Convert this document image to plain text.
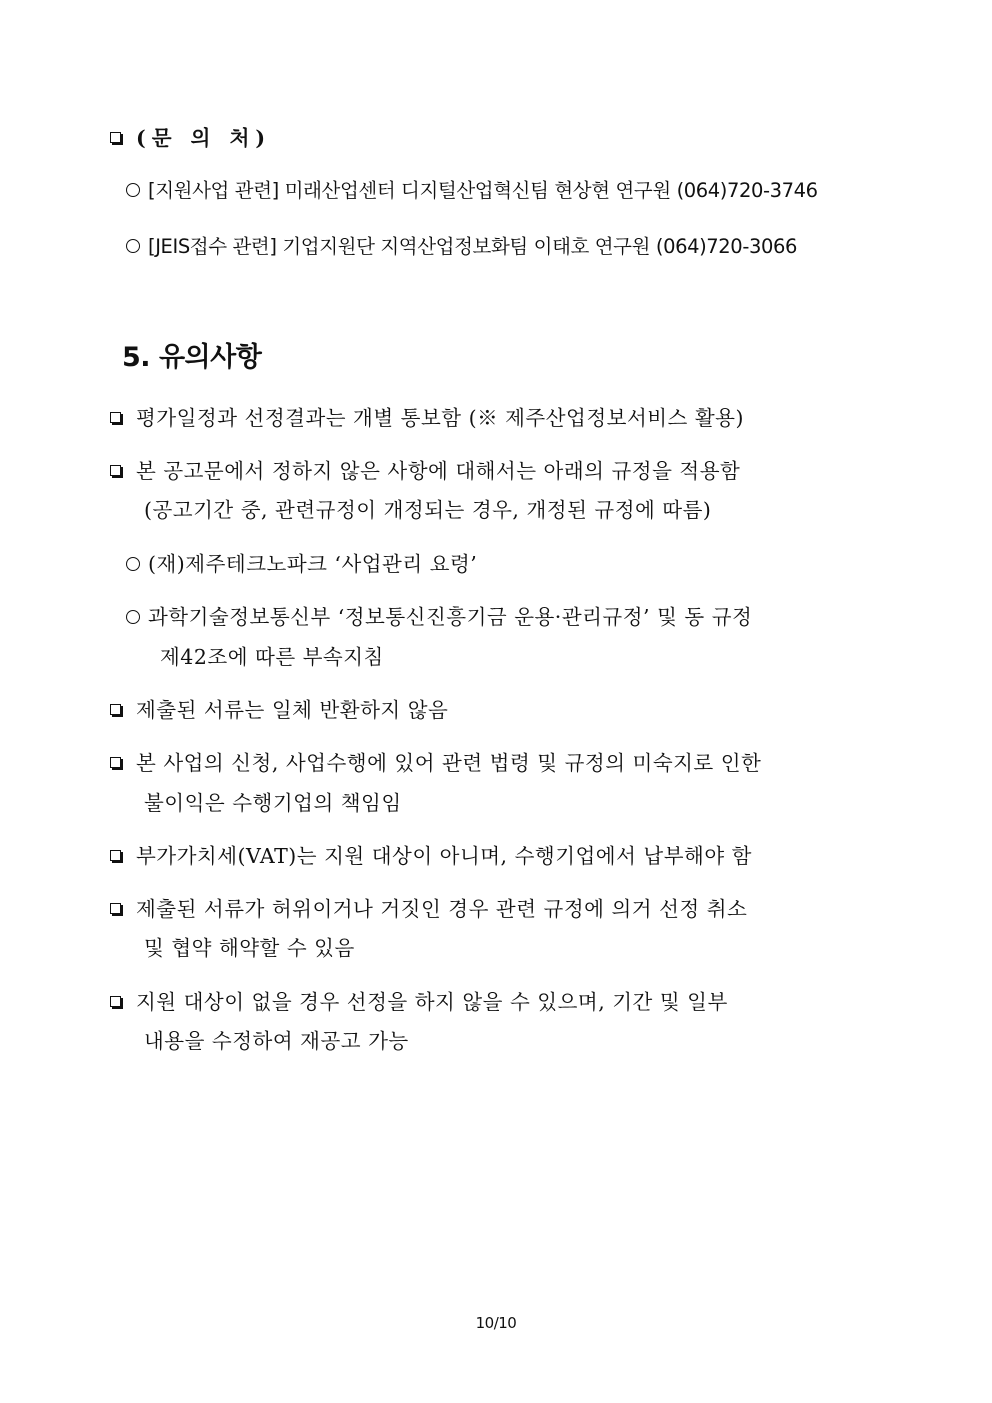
(문 의 처)
[지원사업 관련] 미래산업센터 디지털산업혁신팀 현상현 연구원 (064)720-3746
[JEIS접수 관련] 기업지원단 지역산업정보화팀 이태호 연구원 (064)720-3066
5. 유의사항
평가일정과 선정결과는 개별 통보함 (※ 제주산업정보서비스 활용)
본 공고문에서 정하지 않은 사항에 대해서는 아래의 규정을 적용함
(공고기간 중, 관련규정이 개정되는 경우, 개정된 규정에 따름)
(재)제주테크노파크 ‘사업관리 요령’
과학기술정보통신부 ‘정보통신진흥기금 운용·관리규정’ 및 동 규정
제42조에 따른 부속지침
제출된 서류는 일체 반환하지 않음
본 사업의 신청, 사업수행에 있어 관련 법령 및 규정의 미숙지로 인한
불이익은 수행기업의 책임임
부가가치세(VAT)는 지원 대상이 아니며, 수행기업에서 납부해야 함
제출된 서류가 허위이거나 거짓인 경우 관련 규정에 의거 선정 취소
및 협약 해약할 수 있음
지원 대상이 없을 경우 선정을 하지 않을 수 있으며, 기간 및 일부
내용을 수정하여 재공고 가능
10/10
